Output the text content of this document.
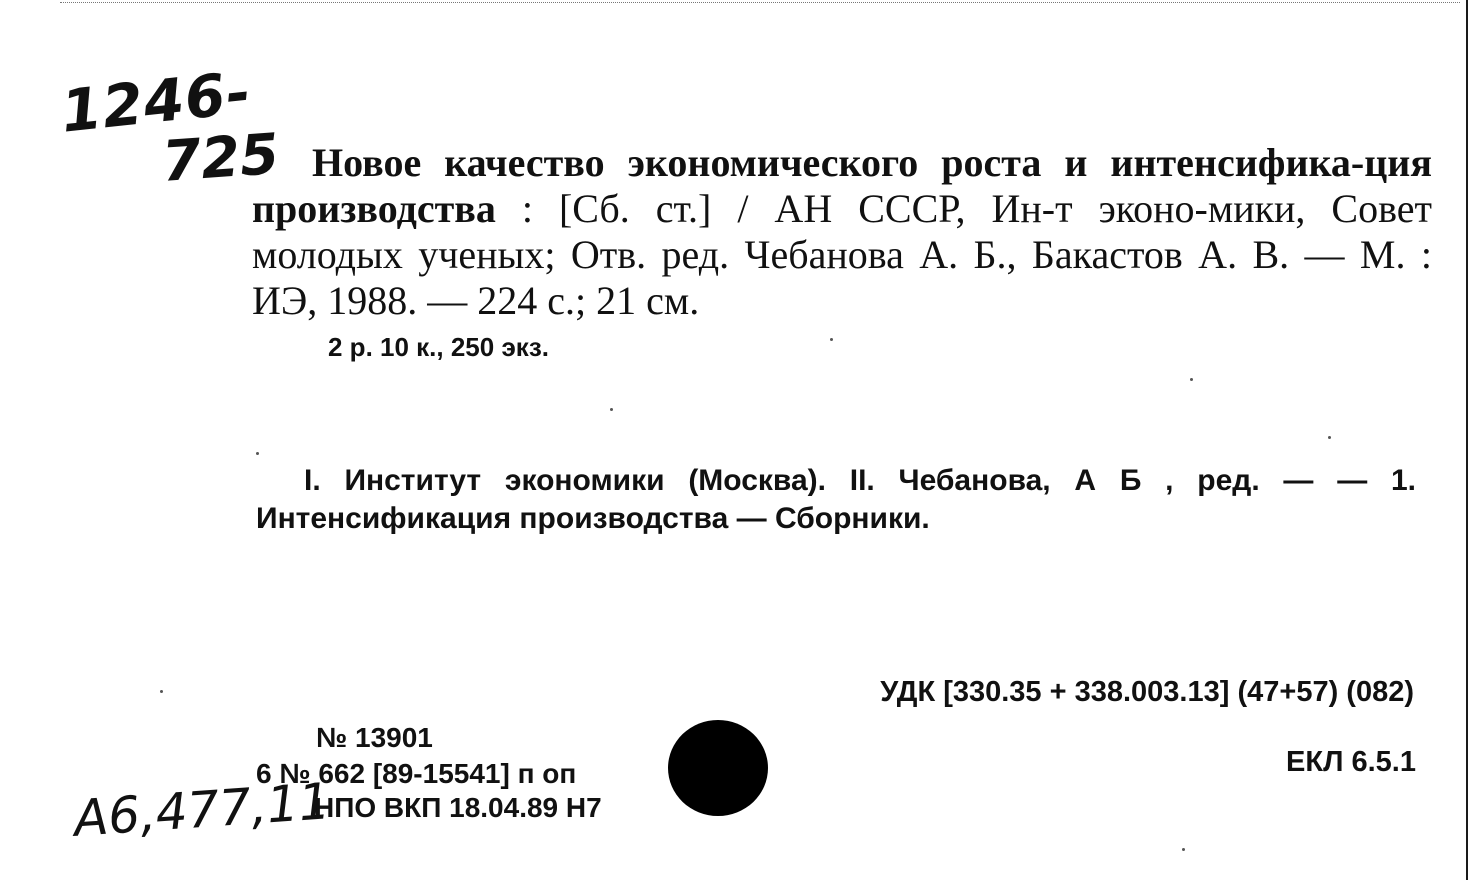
1246-
725 Новое качество экономического роста и интенсифика-ция производства : [Сб. ст.] / АН СССР, Ин-т эконо-мики, Совет молодых ученых; Отв. ред. Чебанова А. Б., Бакастов А. В. — М. : ИЭ, 1988. — 224 с.; 21 см.

2 р. 10 к., 250 экз.

I. Институт экономики (Москва). II. Чебанова, А Б , ред. — — 1. Интенсификация производства — Сборники.

УДК [330.35 + 338.003.13] (47+57) (082)
ЕКЛ 6.5.1
№ 13901
6 № 662 [89-15541] п оп
НПО ВКП 18.04.89 Н7
А6,477,11
